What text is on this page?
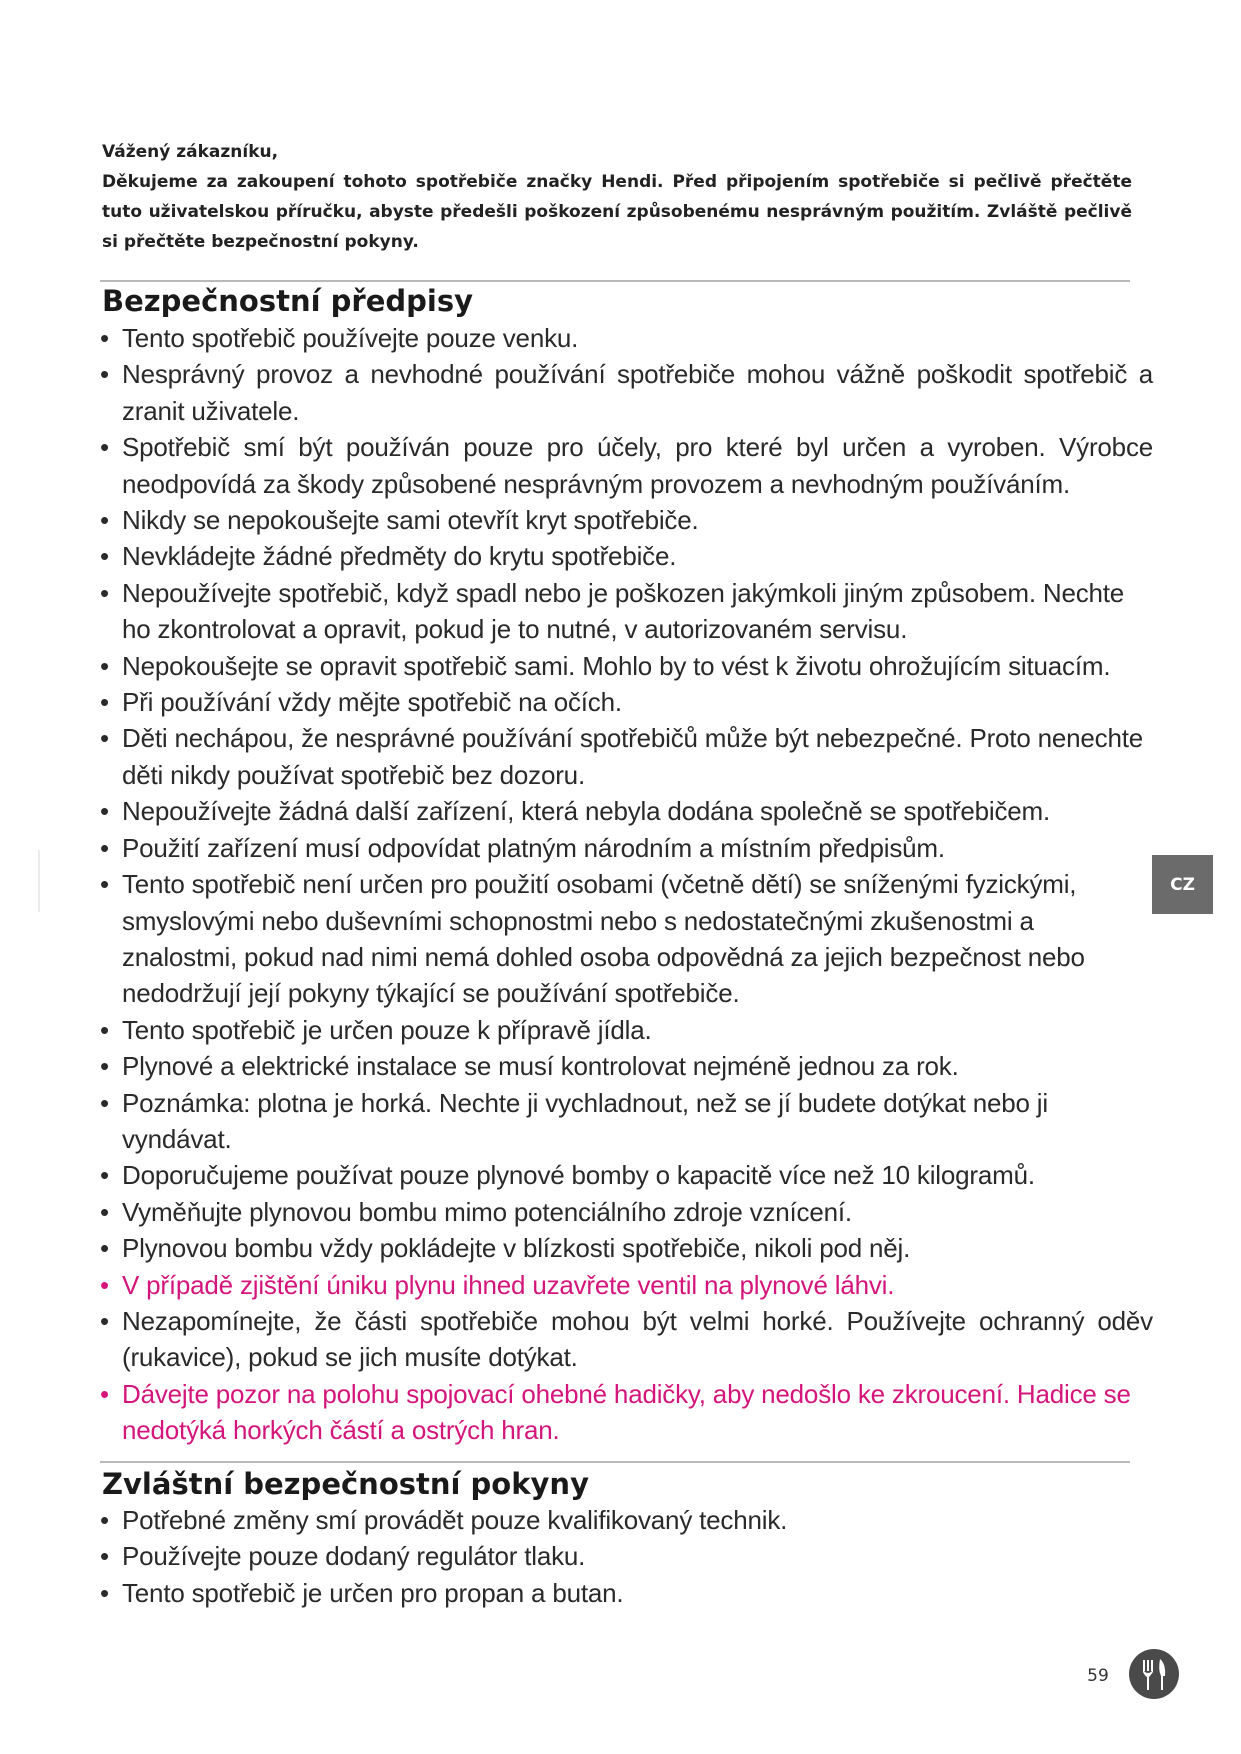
Vážený zákazníku,

Děkujeme za zakoupení tohoto spotřebiče značky Hendi. Před připojením spotřebiče si pečlivě přečtěte tuto uživatelskou příručku, abyste předešli poškození způsobenému nesprávným použitím. Zvláště pečlivě si přečtěte bezpečnostní pokyny.

Bezpečnostní předpisy
• Tento spotřebič používejte pouze venku.
• Nesprávný provoz a nevhodné používání spotřebiče mohou vážně poškodit spotřebič a zranit uživatele.
• Spotřebič smí být používán pouze pro účely, pro které byl určen a vyroben. Výrobce neodpovídá za škody způsobené nesprávným provozem a nevhodným používáním.
• Nikdy se nepokoušejte sami otevřít kryt spotřebiče.
• Nevkládejte žádné předměty do krytu spotřebiče.
• Nepoužívejte spotřebič, když spadl nebo je poškozen jakýmkoli jiným způsobem. Nechte ho zkontrolovat a opravit, pokud je to nutné, v autorizovaném servisu.
• Nepokoušejte se opravit spotřebič sami. Mohlo by to vést k životu ohrožujícím situacím.
• Při používání vždy mějte spotřebič na očích.
• Děti nechápou, že nesprávné používání spotřebičů může být nebezpečné. Proto nenechte děti nikdy používat spotřebič bez dozoru.
• Nepoužívejte žádná další zařízení, která nebyla dodána společně se spotřebičem.
• Použití zařízení musí odpovídat platným národním a místním předpisům.
• Tento spotřebič není určen pro použití osobami (včetně dětí) se sníženými fyzickými, smyslovými nebo duševními schopnostmi nebo s nedostatečnými zkušenostmi a znalostmi, pokud nad nimi nemá dohled osoba odpovědná za jejich bezpečnost nebo nedodržují její pokyny týkající se používání spotřebiče.
• Tento spotřebič je určen pouze k přípravě jídla.
• Plynové a elektrické instalace se musí kontrolovat nejméně jednou za rok.
• Poznámka: plotna je horká. Nechte ji vychladnout, než se jí budete dotýkat nebo ji vyndávat.
• Doporučujeme používat pouze plynové bomby o kapacitě více než 10 kilogramů.
• Vyměňujte plynovou bombu mimo potenciálního zdroje vznícení.
• Plynovou bombu vždy pokládejte v blízkosti spotřebiče, nikoli pod něj.
• V případě zjištění úniku plynu ihned uzavřete ventil na plynové láhvi.
• Nezapomínejte, že části spotřebiče mohou být velmi horké. Používejte ochranný oděv (rukavice), pokud se jich musíte dotýkat.
• Dávejte pozor na polohu spojovací ohebné hadičky, aby nedošlo ke zkroucení. Hadice se nedotýká horkých částí a ostrých hran.
Zvláštní bezpečnostní pokyny
• Potřebné změny smí provádět pouze kvalifikovaný technik.
• Používejte pouze dodaný regulátor tlaku.
• Tento spotřebič je určen pro propan a butan.
CZ
59
